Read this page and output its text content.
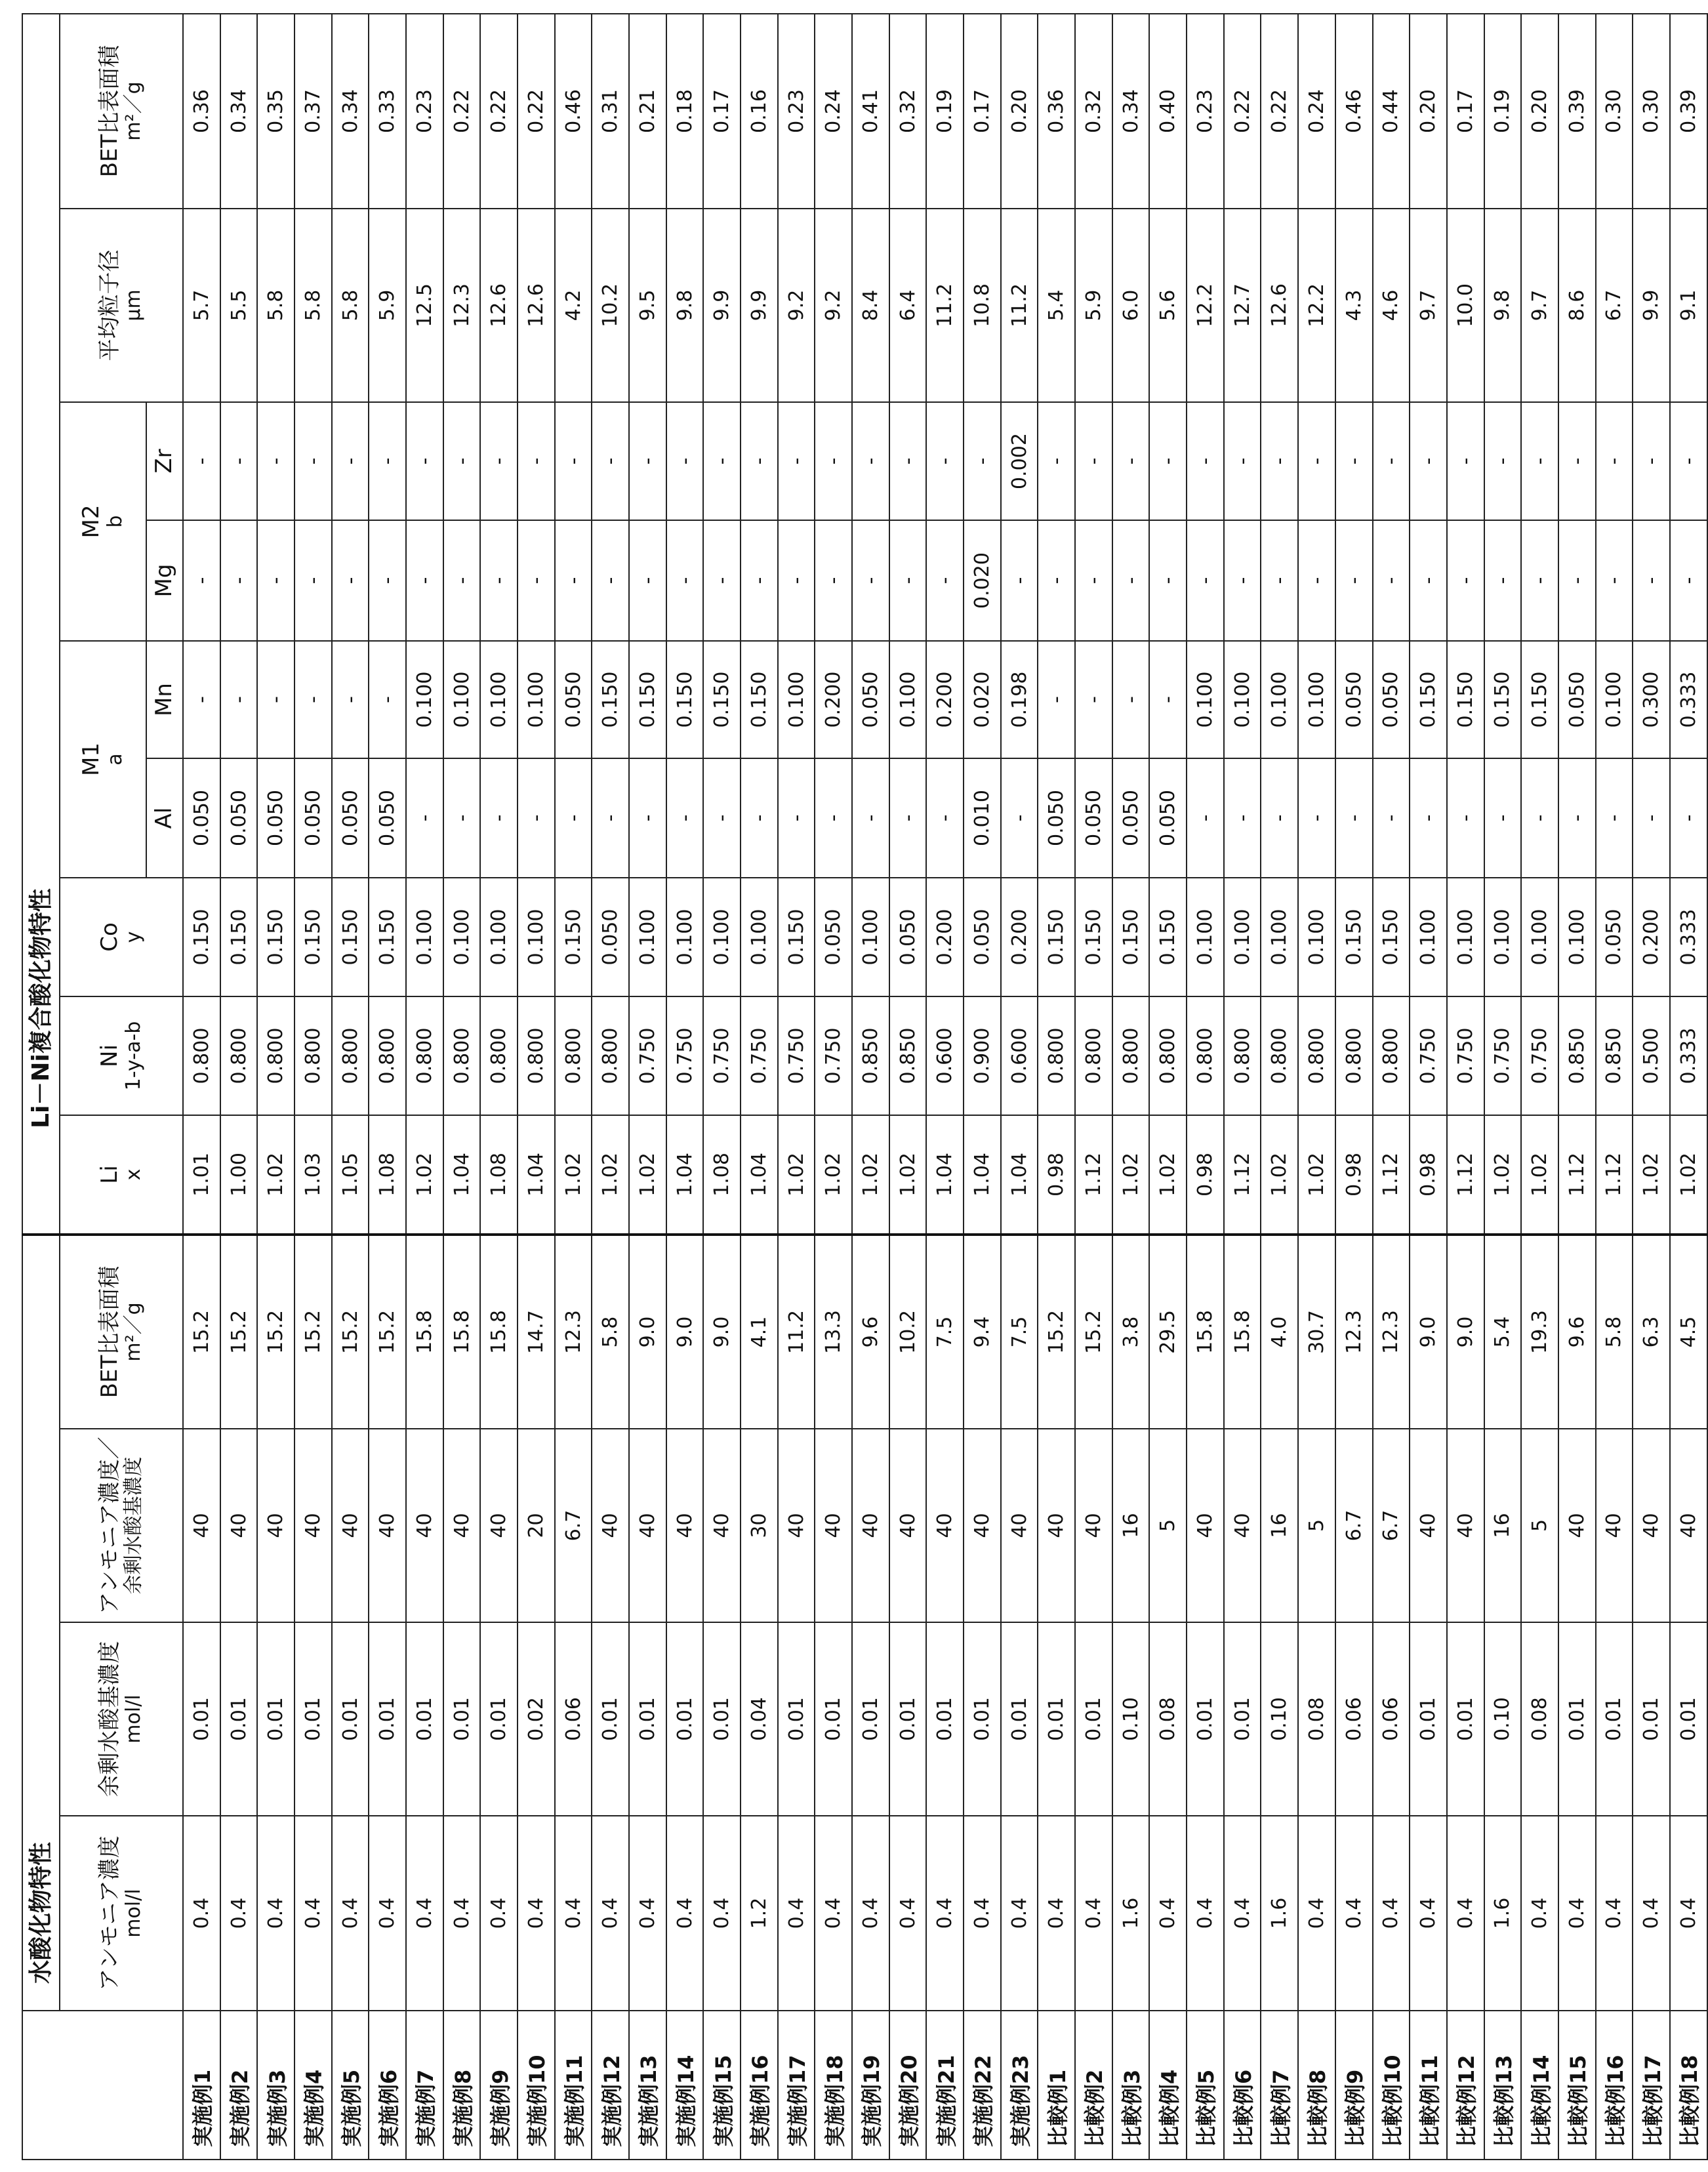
	水酸化物特性				Li－Ni複合酸化物特性								
	アンモニア濃度 mol/l	余剰水酸基濃度 mol/l	アンモニア濃度／ 余剰水酸基濃度	BET比表面積 m²／g	Li x	Ni 1-y-a-b	Co y	M1 a		M2 b		平均粒子径 μm	BET比表面積 m²／g

								Al	Mn	Mg	Zr		
実施例1	0.4	0.01	40	15.2	1.01	0.800	0.150	0.050	-	-	-	5.7	0.36
実施例2	0.4	0.01	40	15.2	1.00	0.800	0.150	0.050	-	-	-	5.5	0.34
実施例3	0.4	0.01	40	15.2	1.02	0.800	0.150	0.050	-	-	-	5.8	0.35
実施例4	0.4	0.01	40	15.2	1.03	0.800	0.150	0.050	-	-	-	5.8	0.37
実施例5	0.4	0.01	40	15.2	1.05	0.800	0.150	0.050	-	-	-	5.8	0.34
実施例6	0.4	0.01	40	15.2	1.08	0.800	0.150	0.050	-	-	-	5.9	0.33
実施例7	0.4	0.01	40	15.8	1.02	0.800	0.100	-	0.100	-	-	12.5	0.23
実施例8	0.4	0.01	40	15.8	1.04	0.800	0.100	-	0.100	-	-	12.3	0.22
実施例9	0.4	0.01	40	15.8	1.08	0.800	0.100	-	0.100	-	-	12.6	0.22
実施例10	0.4	0.02	20	14.7	1.04	0.800	0.100	-	0.100	-	-	12.6	0.22
実施例11	0.4	0.06	6.7	12.3	1.02	0.800	0.150	-	0.050	-	-	4.2	0.46
実施例12	0.4	0.01	40	5.8	1.02	0.800	0.050	-	0.150	-	-	10.2	0.31
実施例13	0.4	0.01	40	9.0	1.02	0.750	0.100	-	0.150	-	-	9.5	0.21
実施例14	0.4	0.01	40	9.0	1.04	0.750	0.100	-	0.150	-	-	9.8	0.18
実施例15	0.4	0.01	40	9.0	1.08	0.750	0.100	-	0.150	-	-	9.9	0.17
実施例16	1.2	0.04	30	4.1	1.04	0.750	0.100	-	0.150	-	-	9.9	0.16
実施例17	0.4	0.01	40	11.2	1.02	0.750	0.150	-	0.100	-	-	9.2	0.23
実施例18	0.4	0.01	40	13.3	1.02	0.750	0.050	-	0.200	-	-	9.2	0.24
実施例19	0.4	0.01	40	9.6	1.02	0.850	0.100	-	0.050	-	-	8.4	0.41
実施例20	0.4	0.01	40	10.2	1.02	0.850	0.050	-	0.100	-	-	6.4	0.32
実施例21	0.4	0.01	40	7.5	1.04	0.600	0.200	-	0.200	-	-	11.2	0.19
実施例22	0.4	0.01	40	9.4	1.04	0.900	0.050	0.010	0.020	0.020	-	10.8	0.17
実施例23	0.4	0.01	40	7.5	1.04	0.600	0.200	-	0.198	-	0.002	11.2	0.20
比較例1	0.4	0.01	40	15.2	0.98	0.800	0.150	0.050	-	-	-	5.4	0.36
比較例2	0.4	0.01	40	15.2	1.12	0.800	0.150	0.050	-	-	-	5.9	0.32
比較例3	1.6	0.10	16	3.8	1.02	0.800	0.150	0.050	-	-	-	6.0	0.34
比較例4	0.4	0.08	5	29.5	1.02	0.800	0.150	0.050	-	-	-	5.6	0.40
比較例5	0.4	0.01	40	15.8	0.98	0.800	0.100	-	0.100	-	-	12.2	0.23
比較例6	0.4	0.01	40	15.8	1.12	0.800	0.100	-	0.100	-	-	12.7	0.22
比較例7	1.6	0.10	16	4.0	1.02	0.800	0.100	-	0.100	-	-	12.6	0.22
比較例8	0.4	0.08	5	30.7	1.02	0.800	0.100	-	0.100	-	-	12.2	0.24
比較例9	0.4	0.06	6.7	12.3	0.98	0.800	0.150	-	0.050	-	-	4.3	0.46
比較例10	0.4	0.06	6.7	12.3	1.12	0.800	0.150	-	0.050	-	-	4.6	0.44
比較例11	0.4	0.01	40	9.0	0.98	0.750	0.100	-	0.150	-	-	9.7	0.20
比較例12	0.4	0.01	40	9.0	1.12	0.750	0.100	-	0.150	-	-	10.0	0.17
比較例13	1.6	0.10	16	5.4	1.02	0.750	0.100	-	0.150	-	-	9.8	0.19
比較例14	0.4	0.08	5	19.3	1.02	0.750	0.100	-	0.150	-	-	9.7	0.20
比較例15	0.4	0.01	40	9.6	1.12	0.850	0.100	-	0.050	-	-	8.6	0.39
比較例16	0.4	0.01	40	5.8	1.12	0.850	0.050	-	0.100	-	-	6.7	0.30
比較例17	0.4	0.01	40	6.3	1.02	0.500	0.200	-	0.300	-	-	9.9	0.30
比較例18	0.4	0.01	40	4.5	1.02	0.333	0.333	-	0.333	-	-	9.1	0.39
